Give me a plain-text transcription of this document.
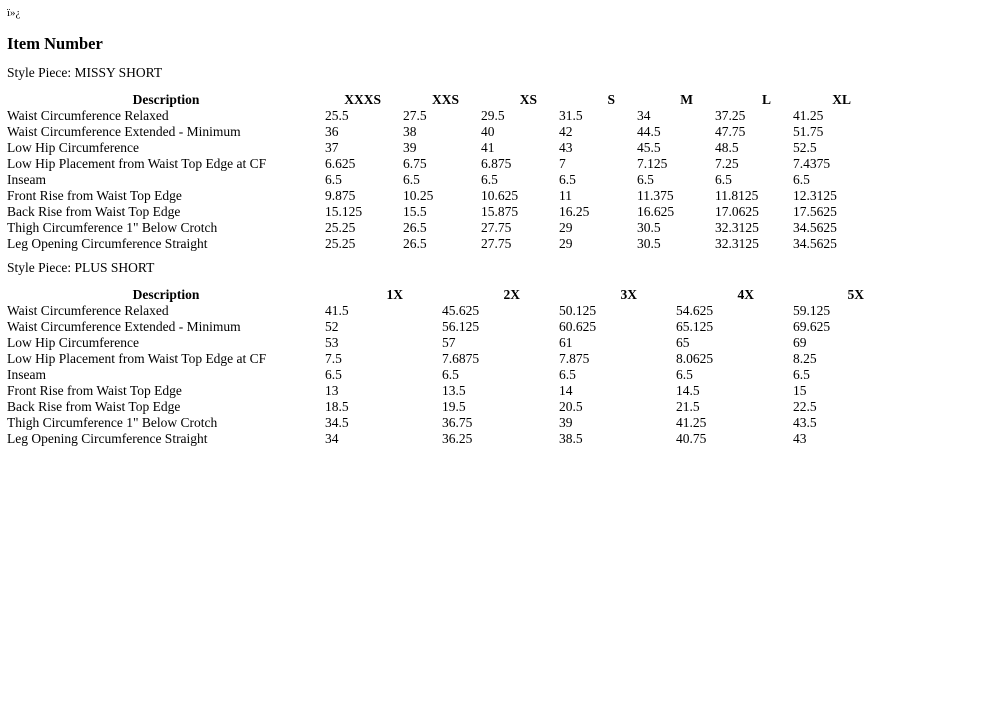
ï»¿
Item Number
Style Piece: MISSY SHORT
Description	XXXS	XXS	XS	S	M	L	XL
Waist Circumference Relaxed	25.5	27.5	29.5	31.5	34	37.25	41.25
Waist Circumference Extended - Minimum	36	38	40	42	44.5	47.75	51.75
Low Hip Circumference	37	39	41	43	45.5	48.5	52.5
Low Hip Placement from Waist Top Edge at CF	6.625	6.75	6.875	7	7.125	7.25	7.4375
Inseam	6.5	6.5	6.5	6.5	6.5	6.5	6.5
Front Rise from Waist Top Edge	9.875	10.25	10.625	11	11.375	11.8125	12.3125
Back Rise from Waist Top Edge	15.125	15.5	15.875	16.25	16.625	17.0625	17.5625
Thigh Circumference 1" Below Crotch	25.25	26.5	27.75	29	30.5	32.3125	34.5625
Leg Opening Circumference Straight	25.25	26.5	27.75	29	30.5	32.3125	34.5625
Style Piece: PLUS SHORT
Description	1X	2X	3X	4X	5X
Waist Circumference Relaxed	41.5	45.625	50.125	54.625	59.125
Waist Circumference Extended - Minimum	52	56.125	60.625	65.125	69.625
Low Hip Circumference	53	57	61	65	69
Low Hip Placement from Waist Top Edge at CF	7.5	7.6875	7.875	8.0625	8.25
Inseam	6.5	6.5	6.5	6.5	6.5
Front Rise from Waist Top Edge	13	13.5	14	14.5	15
Back Rise from Waist Top Edge	18.5	19.5	20.5	21.5	22.5
Thigh Circumference 1" Below Crotch	34.5	36.75	39	41.25	43.5
Leg Opening Circumference Straight	34	36.25	38.5	40.75	43
